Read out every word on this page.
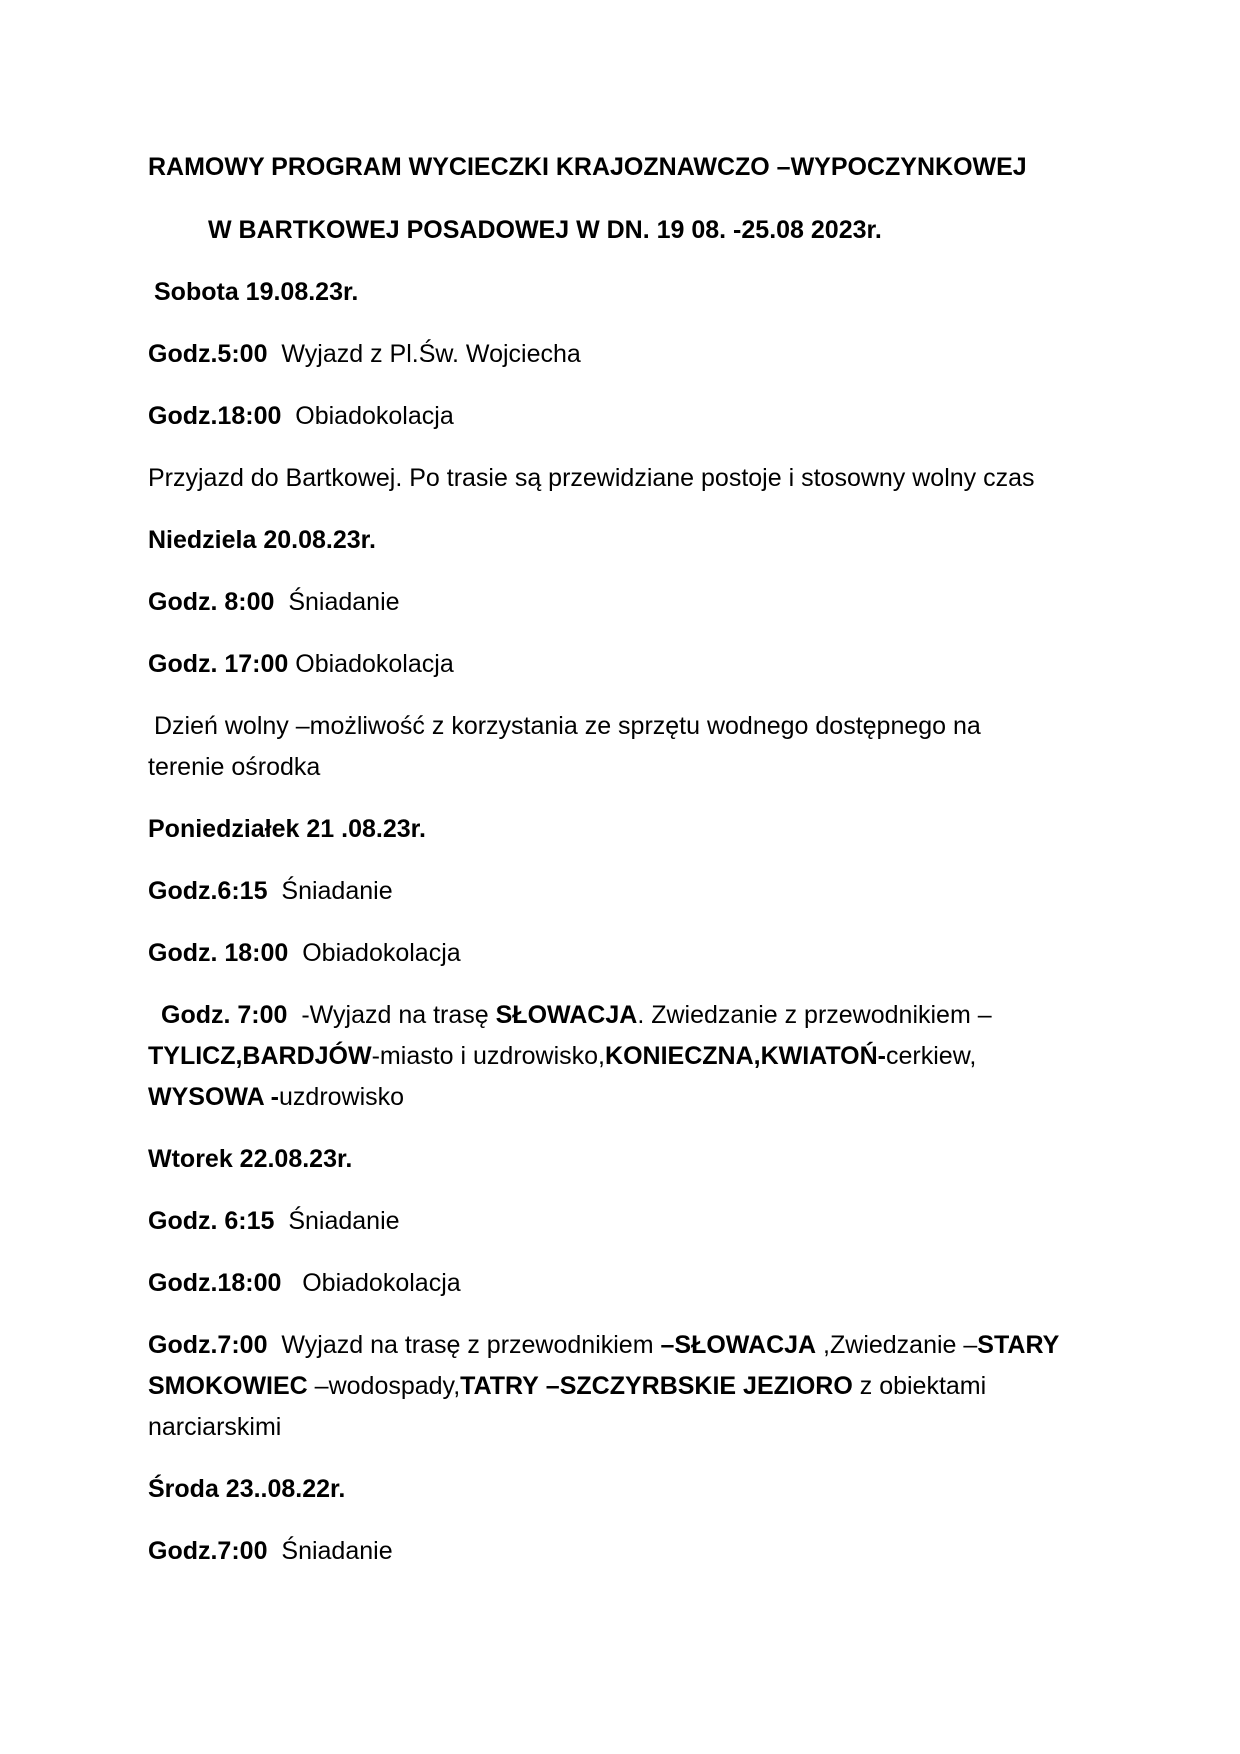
RAMOWY PROGRAM WYCIECZKI KRAJOZNAWCZO –WYPOCZYNKOWEJ

W BARTKOWEJ POSADOWEJ W DN. 19 08. -25.08 2023r.

Sobota 19.08.23r.

Godz.5:00 Wyjazd z Pl.Św. Wojciecha

Godz.18:00 Obiadokolacja

Przyjazd do Bartkowej. Po trasie są przewidziane postoje i stosowny wolny czas

Niedziela 20.08.23r.

Godz. 8:00 Śniadanie

Godz. 17:00 Obiadokolacja

Dzień wolny –możliwość z korzystania ze sprzętu wodnego dostępnego na

terenie ośrodka

Poniedziałek 21 .08.23r.

Godz.6:15 Śniadanie

Godz. 18:00 Obiadokolacja

Godz. 7:00 -Wyjazd na trasę SŁOWACJA. Zwiedzanie z przewodnikiem –

TYLICZ,BARDJÓW-miasto i uzdrowisko,KONIECZNA,KWIATOŃ-cerkiew,

WYSOWA -uzdrowisko

Wtorek 22.08.23r.

Godz. 6:15 Śniadanie

Godz.18:00 Obiadokolacja

Godz.7:00 Wyjazd na trasę z przewodnikiem –SŁOWACJA ,Zwiedzanie –STARY

SMOKOWIEC –wodospady,TATRY –SZCZYRBSKIE JEZIORO z obiektami

narciarskimi

Środa 23..08.22r.

Godz.7:00 Śniadanie
